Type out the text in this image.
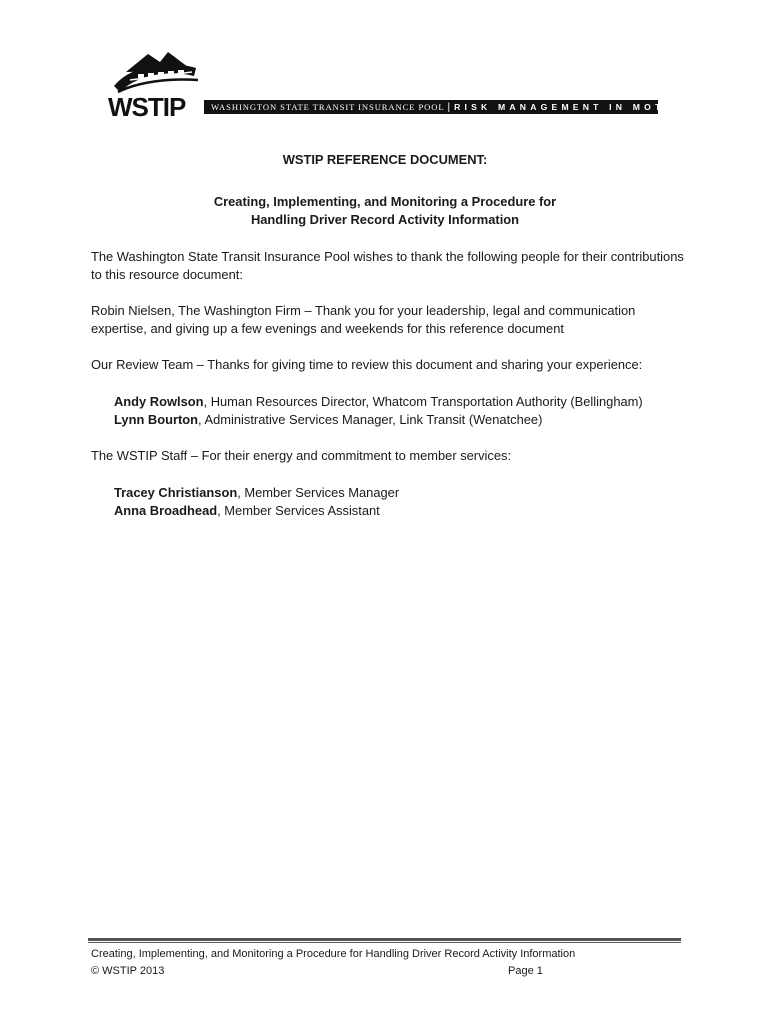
WSTIP	WASHINGTON STATE TRANSIT INSURANCE POOL | RISK MANAGEMENT IN MOTION

WSTIP REFERENCE DOCUMENT:

Creating, Implementing, and Monitoring a Procedure for

Handling Driver Record Activity Information

The Washington State Transit Insurance Pool wishes to thank the following people for their contributions

to this resource document:

Robin Nielsen, The Washington Firm – Thank you for your leadership, legal and communication

expertise, and giving up a few evenings and weekends for this reference document

Our Review Team – Thanks for giving time to review this document and sharing your experience:

Andy Rowlson, Human Resources Director, Whatcom Transportation Authority (Bellingham)

Lynn Bourton, Administrative Services Manager, Link Transit (Wenatchee)

The WSTIP Staff – For their energy and commitment to member services:

Tracey Christianson, Member Services Manager

Anna Broadhead, Member Services Assistant

Creating, Implementing, and Monitoring a Procedure for Handling Driver Record Activity Information
© WSTIP 2013	Page 1
